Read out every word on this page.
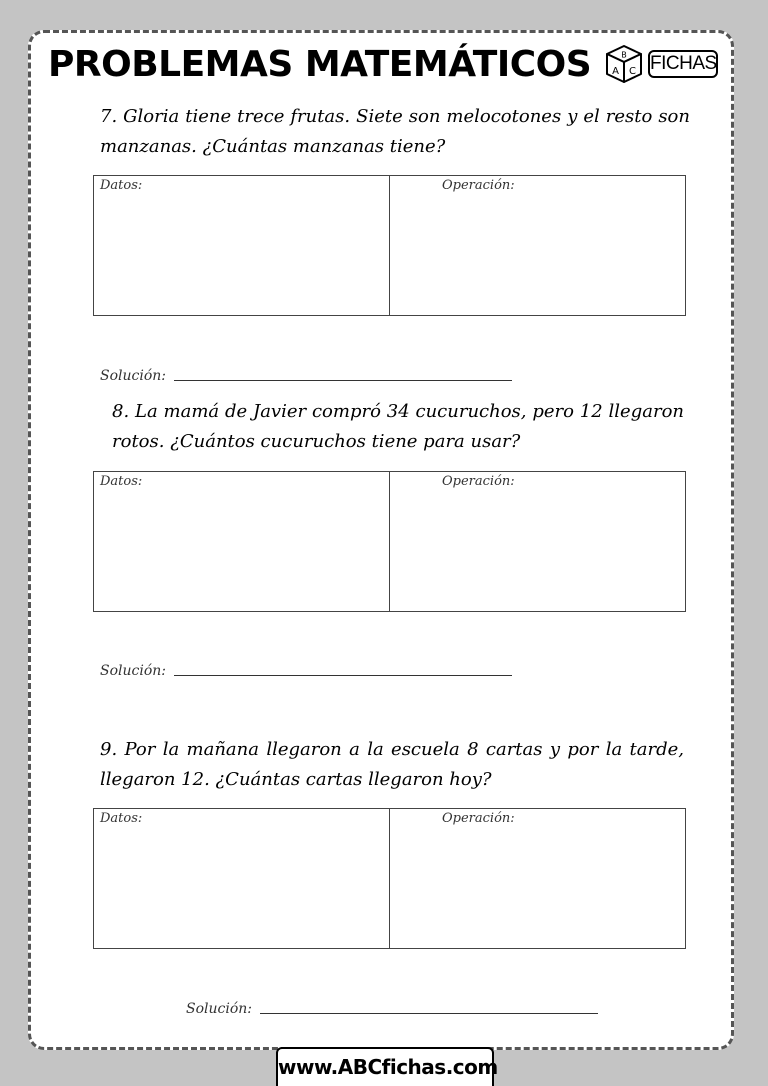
PROBLEMAS MATEMÁTICOS A
B
C FICHAS
7. Gloria tiene trece frutas. Siete son melocotones y el resto son manzanas. ¿Cuántas manzanas tiene?
Datos:	Operación:
Solución:
8. La mamá de Javier compró 34 cucuruchos, pero 12 llegaron rotos. ¿Cuántos cucuruchos tiene para usar?
Datos:	Operación:
Solución:
9. Por la mañana llegaron a la escuela 8 cartas y por la tarde, llegaron 12. ¿Cuántas cartas llegaron hoy?
Datos:	Operación:
Solución:
www.ABCfichas.com
